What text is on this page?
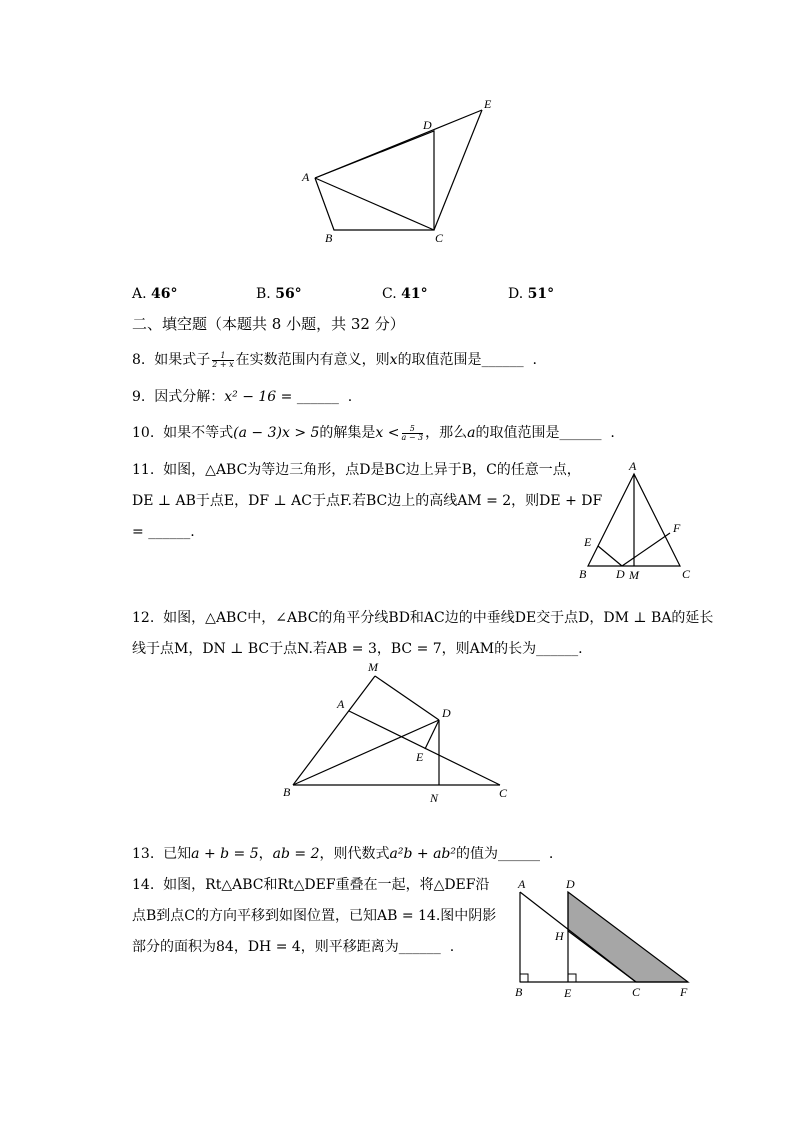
A
B	C
D
E
A. 46°	B. 56°	C. 41°	D. 51°
二、填空题（本题共 8 小题，共 32 分）
8. 如果式子 $\frac{1}{2 + x}$ 在实数范围内有意义，则x的取值范围是______ .
9. 因式分解：x² − 16 = ______ .
10. 如果不等式(a − 3)x > 5的解集是$x < \frac{5}{a - 3}$ ，那么a的取值范围是______ .
11. 如图，△ABC为等边三角形，点D是BC边上异于B，C的任意一点，
DE ⊥ AB于点E，DF ⊥ AC于点F.若BC边上的高线AM = 2，则DE + DF
= ______.
A
B	C
D M
E
F
12. 如图，△ABC中，∠ABC的角平分线BD和AC边的中垂线DE交于点D，DM ⊥ BA的延长
线于点M，DN ⊥ BC于点N.若AB = 3，BC = 7，则AM的长为______.
M
A
D
E
B	N	C
13. 已知a + b = 5，ab = 2，则代数式a²b + ab²的值为______ .
14. 如图，Rt△ABC和Rt△DEF重叠在一起，将△DEF沿
点B到点C的方向平移到如图位置，已知AB = 14.图中阴影
部分的面积为84，DH = 4，则平移距离为______ .
A	D
H
B	E	C	F
